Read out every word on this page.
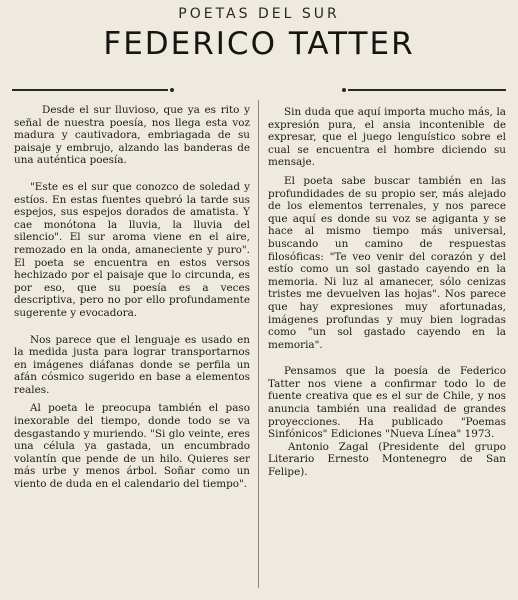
POETAS DEL SUR
FEDERICO TATTER

Desde el sur lluvioso, que ya es rito y señal de nuestra poesía, nos llega esta voz madura y cautivadora, embriagada de su paisaje y embrujo, alzando las banderas de una auténtica poesía.

"Este es el sur que conozco de soledad y estíos. En estas fuentes quebró la tarde sus espejos, sus espejos dorados de amatista. Y cae monótona la lluvia, la lluvia del silencio". El sur aroma viene en el aire, remozado en la onda, amaneciente y puro". El poeta se encuentra en estos versos hechizado por el paisaje que lo circunda, es por eso, que su poesía es a veces descriptiva, pero no por ello profundamente sugerente y evocadora.

Nos parece que el lenguaje es usado en la medida justa para lograr transportarnos en imágenes diáfanas donde se perfila un afán cósmico sugerido en base a elementos reales.

Al poeta le preocupa también el paso inexorable del tiempo, donde todo se va desgastando y muriendo. "Si glo veinte, eres una célula ya gastada, un encumbrado volantín que pende de un hilo. Quieres ser más urbe y menos árbol. Soñar como un viento de duda en el calendario del tiempo".

Sin duda que aquí importa mucho más, la expresión pura, el ansia incontenible de expresar, que el juego lenguístico sobre el cual se encuentra el hombre diciendo su mensaje.

El poeta sabe buscar también en las profundidades de su propio ser, más alejado de los elementos terrenales, y nos parece que aquí es donde su voz se agiganta y se hace al mismo tiempo más universal, buscando un camino de respuestas filosóficas: "Te veo venir del corazón y del estío como un sol gastado cayendo en la memoria. Ni luz al amanecer, sólo cenizas tristes me devuelven las hojas". Nos parece que hay expresiones muy afortunadas, imágenes profundas y muy bien logradas como "un sol gastado cayendo en la memoria".

Pensamos que la poesía de Federico Tatter nos viene a confirmar todo lo de fuente creativa que es el sur de Chile, y nos anuncia también una realidad de grandes proyecciones. Ha publicado "Poemas Sinfónicos" Ediciones "Nueva Línea" 1973.

Antonio Zagal (Presidente del grupo Literario Ernesto Montenegro de San Felipe).
